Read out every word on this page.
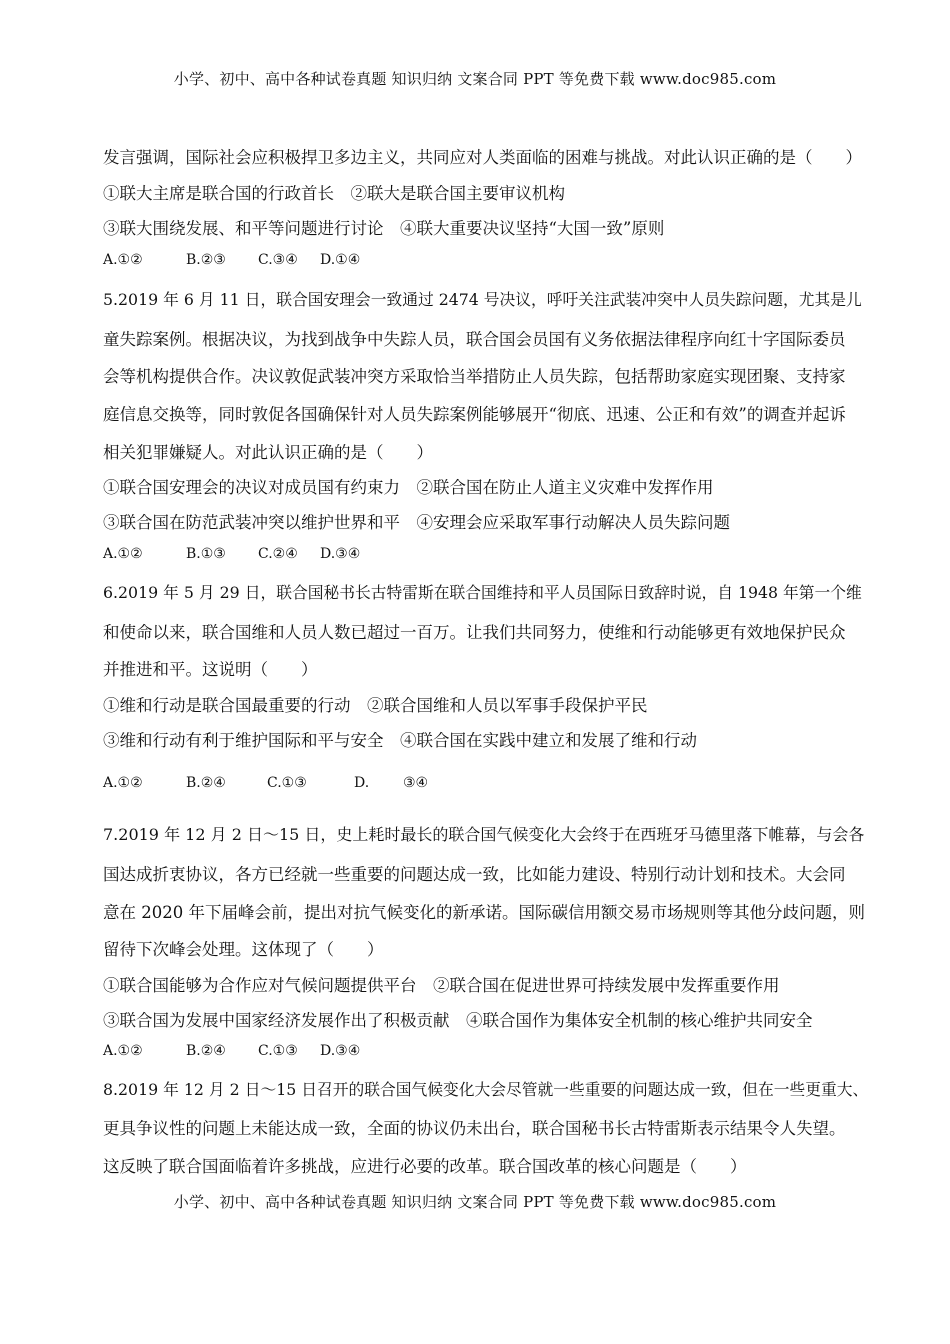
小学、初中、高中各种试卷真题 知识归纳 文案合同 PPT 等免费下载 www.doc985.com
发言强调，国际社会应积极捍卫多边主义，共同应对人类面临的困难与挑战。对此认识正确的是（　　）
①联大主席是联合国的行政首长　②联大是联合国主要审议机构
③联大围绕发展、和平等问题进行讨论　④联大重要决议坚持“大国一致”原则
A.①②	B.②③ C.③④ D.①④
5.2019 年 6 月 11 日，联合国安理会一致通过 2474 号决议，呼吁关注武装冲突中人员失踪问题，尤其是儿
童失踪案例。根据决议，为找到战争中失踪人员，联合国会员国有义务依据法律程序向红十字国际委员
会等机构提供合作。决议敦促武装冲突方采取恰当举措防止人员失踪，包括帮助家庭实现团聚、支持家
庭信息交换等，同时敦促各国确保针对人员失踪案例能够展开“彻底、迅速、公正和有效”的调查并起诉
相关犯罪嫌疑人。对此认识正确的是（　　）
①联合国安理会的决议对成员国有约束力　②联合国在防止人道主义灾难中发挥作用
③联合国在防范武装冲突以维护世界和平　④安理会应采取军事行动解决人员失踪问题
A.①②	B.①③ C.②④ D.③④
6.2019 年 5 月 29 日，联合国秘书长古特雷斯在联合国维持和平人员国际日致辞时说，自 1948 年第一个维
和使命以来，联合国维和人员人数已超过一百万。让我们共同努力，使维和行动能够更有效地保护民众
并推进和平。这说明（　　）
①维和行动是联合国最重要的行动　②联合国维和人员以军事手段保护平民
③维和行动有利于维护国际和平与安全　④联合国在实践中建立和发展了维和行动
A.①②	B.②④	C.①③	D. ③④
7.2019 年 12 月 2 日～15 日，史上耗时最长的联合国气候变化大会终于在西班牙马德里落下帷幕，与会各
国达成折衷协议，各方已经就一些重要的问题达成一致，比如能力建设、特别行动计划和技术。大会同
意在 2020 年下届峰会前，提出对抗气候变化的新承诺。国际碳信用额交易市场规则等其他分歧问题，则
留待下次峰会处理。这体现了（　　）
①联合国能够为合作应对气候问题提供平台　②联合国在促进世界可持续发展中发挥重要作用
③联合国为发展中国家经济发展作出了积极贡献　④联合国作为集体安全机制的核心维护共同安全
A.①②	B.②④ C.①③ D.③④
8.2019 年 12 月 2 日～15 日召开的联合国气候变化大会尽管就一些重要的问题达成一致，但在一些更重大、
更具争议性的问题上未能达成一致，全面的协议仍未出台，联合国秘书长古特雷斯表示结果令人失望。
这反映了联合国面临着许多挑战，应进行必要的改革。联合国改革的核心问题是（　　）
小学、初中、高中各种试卷真题 知识归纳 文案合同 PPT 等免费下载 www.doc985.com
